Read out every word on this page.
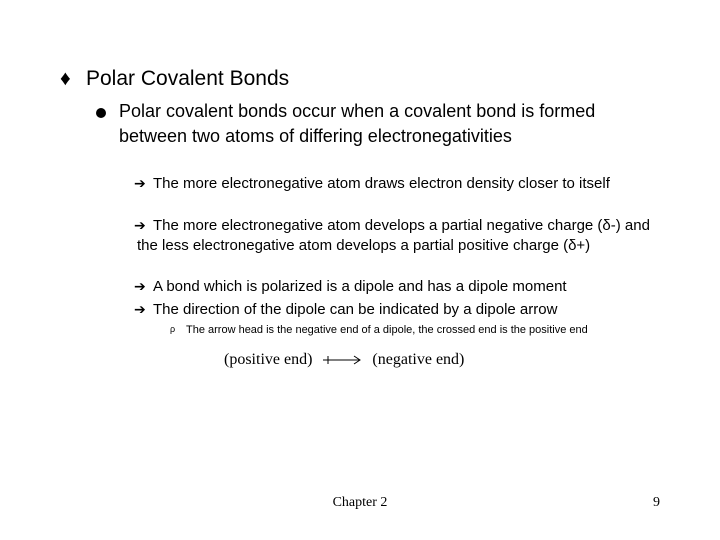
♦ Polar Covalent Bonds
Polar covalent bonds occur when a covalent bond is formed between two atoms of differing electronegativities
➔ The more electronegative atom draws electron density closer to itself
➔ The more electronegative atom develops a partial negative charge (δ-) and the less electronegative atom develops a partial positive charge (δ+)
➔ A bond which is polarized is a dipole and has a dipole moment
➔ The direction of the dipole can be indicated by a dipole arrow
ρ The arrow head is the negative end of a dipole, the crossed end is the positive end
(positive end)	(negative end)
Chapter 2	9
